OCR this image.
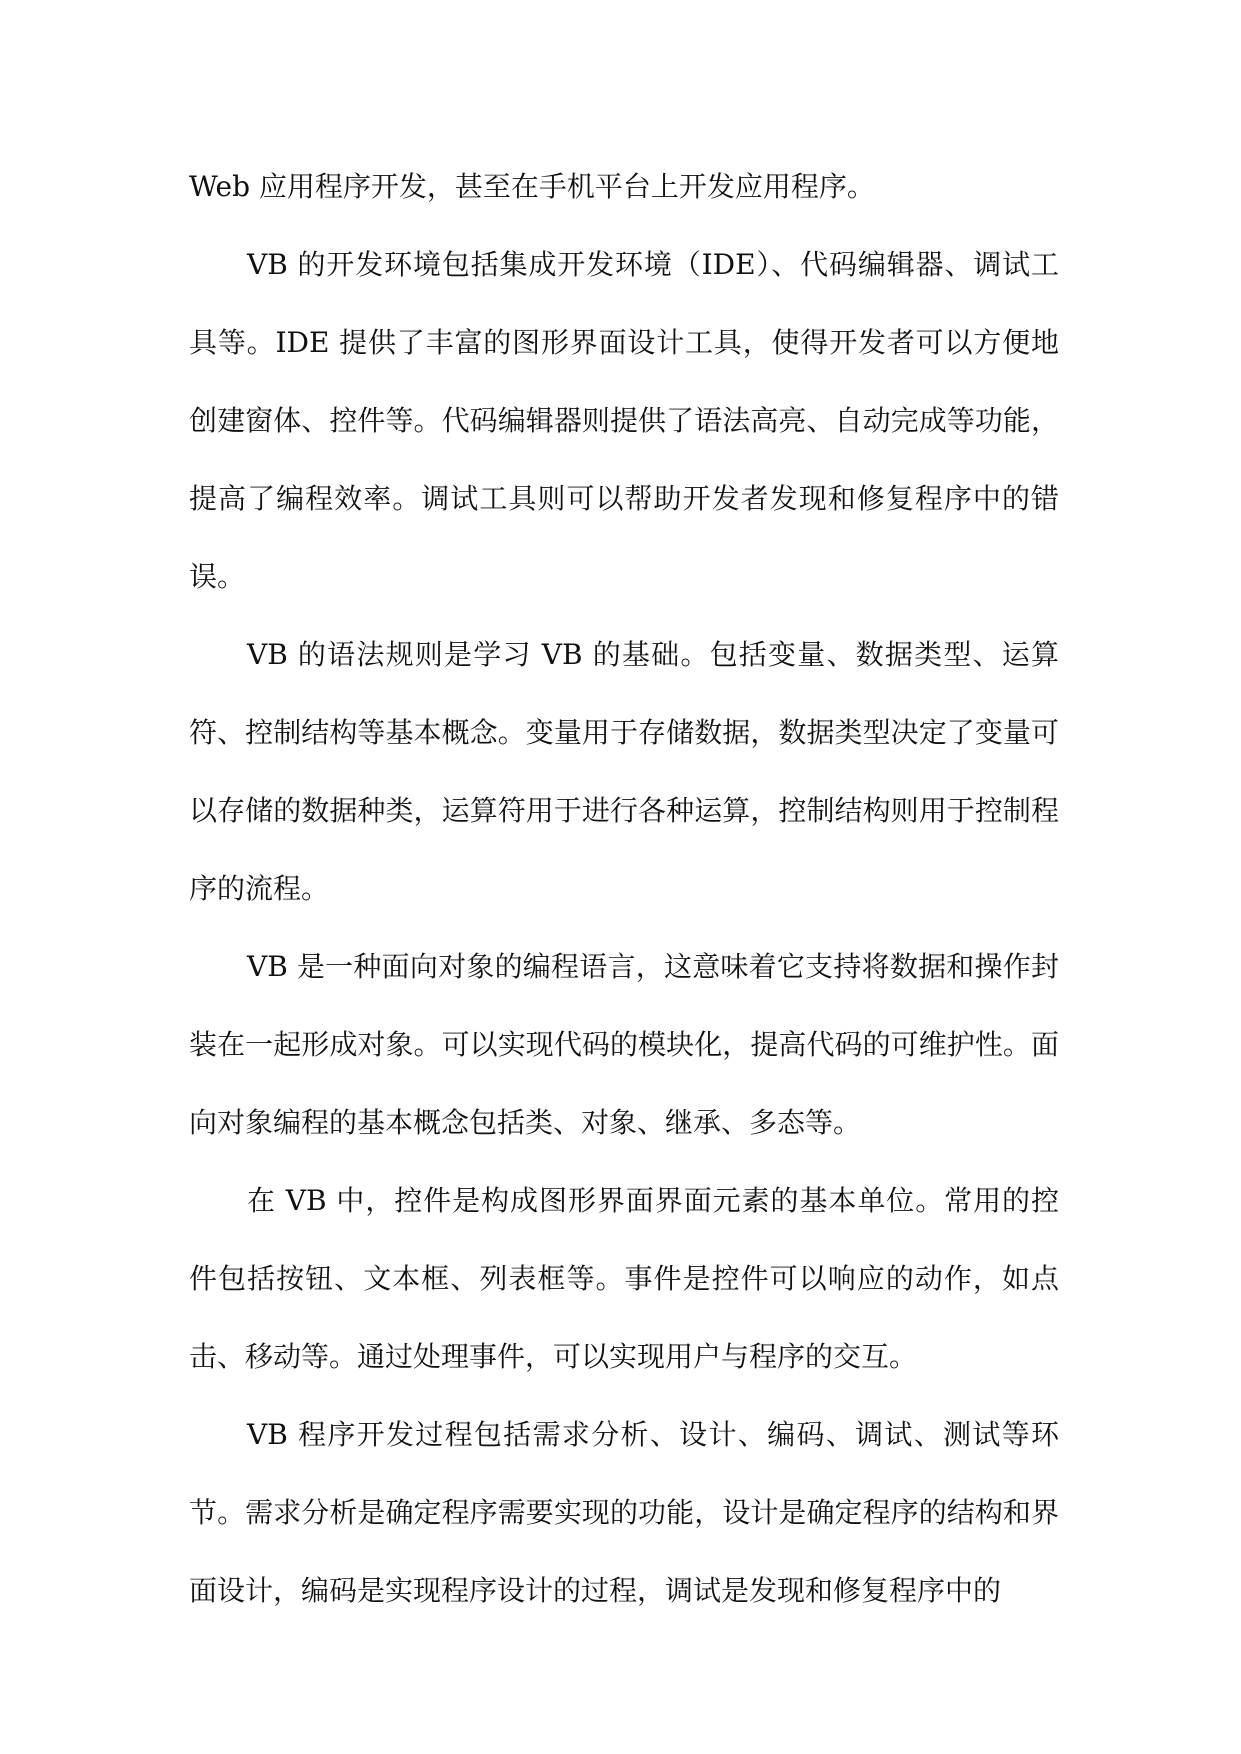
Web 应用程序开发，甚至在手机平台上开发应用程序。

VB 的开发环境包括集成开发环境（IDE）、代码编辑器、调试工具等。IDE 提供了丰富的图形界面设计工具，使得开发者可以方便地创建窗体、控件等。代码编辑器则提供了语法高亮、自动完成等功能，提高了编程效率。调试工具则可以帮助开发者发现和修复程序中的错误。

VB 的语法规则是学习 VB 的基础。包括变量、数据类型、运算符、控制结构等基本概念。变量用于存储数据，数据类型决定了变量可以存储的数据种类，运算符用于进行各种运算，控制结构则用于控制程序的流程。

VB 是一种面向对象的编程语言，这意味着它支持将数据和操作封装在一起形成对象。可以实现代码的模块化，提高代码的可维护性。面向对象编程的基本概念包括类、对象、继承、多态等。

在 VB 中，控件是构成图形界面界面元素的基本单位。常用的控件包括按钮、文本框、列表框等。事件是控件可以响应的动作，如点击、移动等。通过处理事件，可以实现用户与程序的交互。

VB 程序开发过程包括需求分析、设计、编码、调试、测试等环节。需求分析是确定程序需要实现的功能，设计是确定程序的结构和界面设计，编码是实现程序设计的过程，调试是发现和修复程序中的
